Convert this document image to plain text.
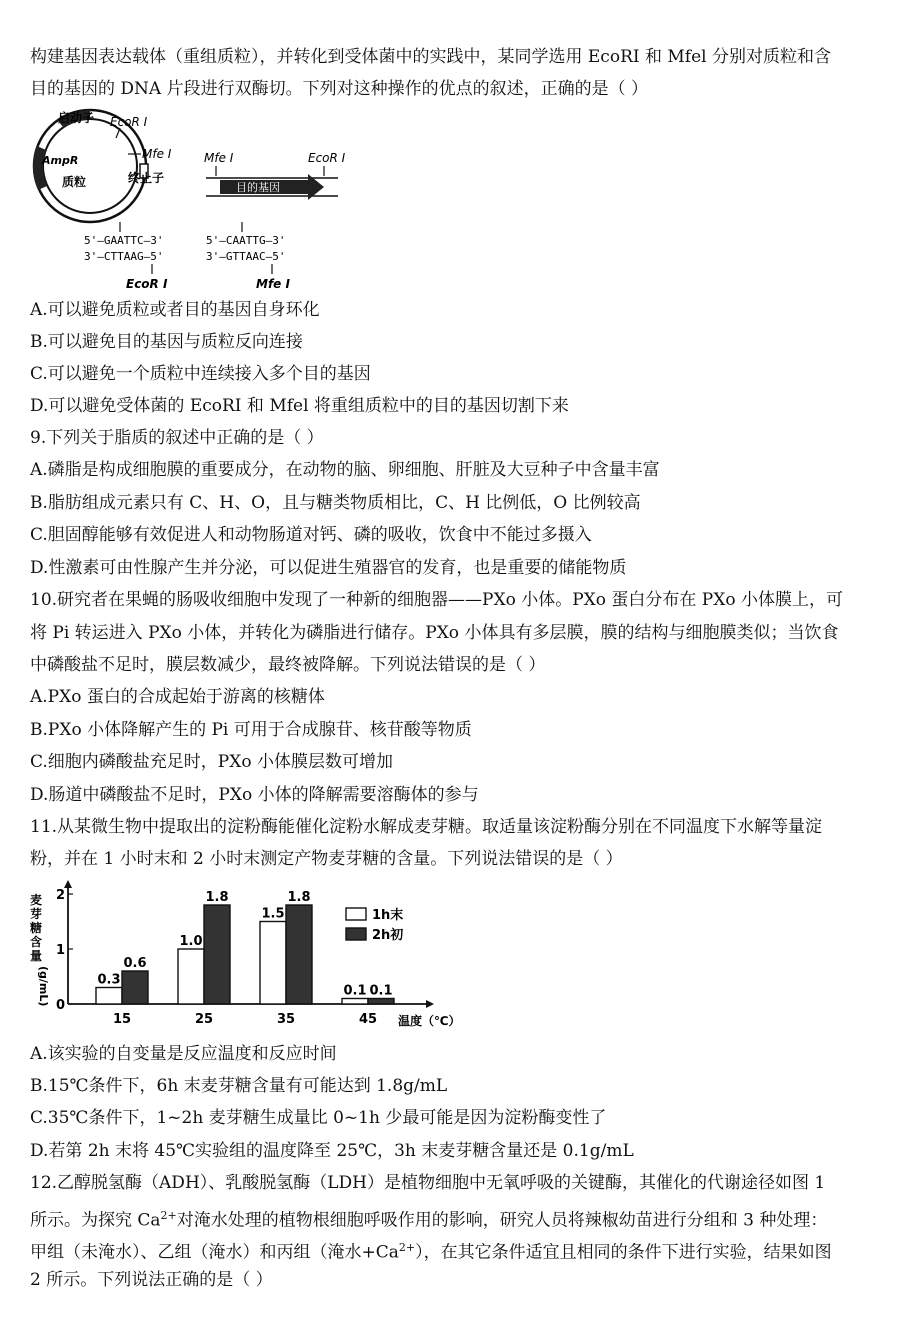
构建基因表达载体（重组质粒），并转化到受体菌中的实践中，某同学选用 EcoRI 和 Mfel 分别对质粒和含
目的基因的 DNA 片段进行双酶切。下列对这种操作的优点的叙述，正确的是（ ）
启动子 EcoR I
Mfe I
AmpR
质粒	终止子
Mfe I	EcoR I
目的基因
5'—GAATTC—3'
3'—CTTAAG—5'
EcoR I
5'—CAATTG—3'
3'—GTTAAC—5'
Mfe I
A.可以避免质粒或者目的基因自身环化
B.可以避免目的基因与质粒反向连接
C.可以避免一个质粒中连续接入多个目的基因
D.可以避免受体菌的 EcoRI 和 Mfel 将重组质粒中的目的基因切割下来
9.下列关于脂质的叙述中正确的是（ ）
A.磷脂是构成细胞膜的重要成分，在动物的脑、卵细胞、肝脏及大豆种子中含量丰富
B.脂肪组成元素只有 C、H、O，且与糖类物质相比，C、H 比例低，O 比例较高
C.胆固醇能够有效促进人和动物肠道对钙、磷的吸收，饮食中不能过多摄入
D.性激素可由性腺产生并分泌，可以促进生殖器官的发育，也是重要的储能物质
10.研究者在果蝇的肠吸收细胞中发现了一种新的细胞器——PXo 小体。PXo 蛋白分布在 PXo 小体膜上，可
将 Pi 转运进入 PXo 小体，并转化为磷脂进行储存。PXo 小体具有多层膜，膜的结构与细胞膜类似；当饮食
中磷酸盐不足时，膜层数减少，最终被降解。下列说法错误的是（ ）
A.PXo 蛋白的合成起始于游离的核糖体
B.PXo 小体降解产生的 Pi 可用于合成腺苷、核苷酸等物质
C.细胞内磷酸盐充足时，PXo 小体膜层数可增加
D.肠道中磷酸盐不足时，PXo 小体的降解需要溶酶体的参与
11.从某微生物中提取出的淀粉酶能催化淀粉水解成麦芽糖。取适量该淀粉酶分别在不同温度下水解等量淀
粉，并在 1 小时末和 2 小时末测定产物麦芽糖的含量。下列说法错误的是（ ）
麦
芽
糖
含
量
(g/mL) 0
1
2
0.3
0.6
1.0
1.8
1.5
1.8
0.1 0.1
15	25	35	45 温度（℃）
1h末
2h初
A.该实验的自变量是反应温度和反应时间
B.15℃条件下，6h 末麦芽糖含量有可能达到 1.8g/mL
C.35℃条件下，1~2h 麦芽糖生成量比 0~1h 少最可能是因为淀粉酶变性了
D.若第 2h 末将 45℃实验组的温度降至 25℃，3h 末麦芽糖含量还是 0.1g/mL
12.乙醇脱氢酶（ADH）、乳酸脱氢酶（LDH）是植物细胞中无氧呼吸的关键酶，其催化的代谢途径如图 1
所示。为探究 $Ca^{2+}$对淹水处理的植物根细胞呼吸作用的影响，研究人员将辣椒幼苗进行分组和 3 种处理：
甲组（未淹水）、乙组（淹水）和丙组（淹水$+Ca^{2+}$），在其它条件适宜且相同的条件下进行实验，结果如图
2 所示。下列说法正确的是（ ）
